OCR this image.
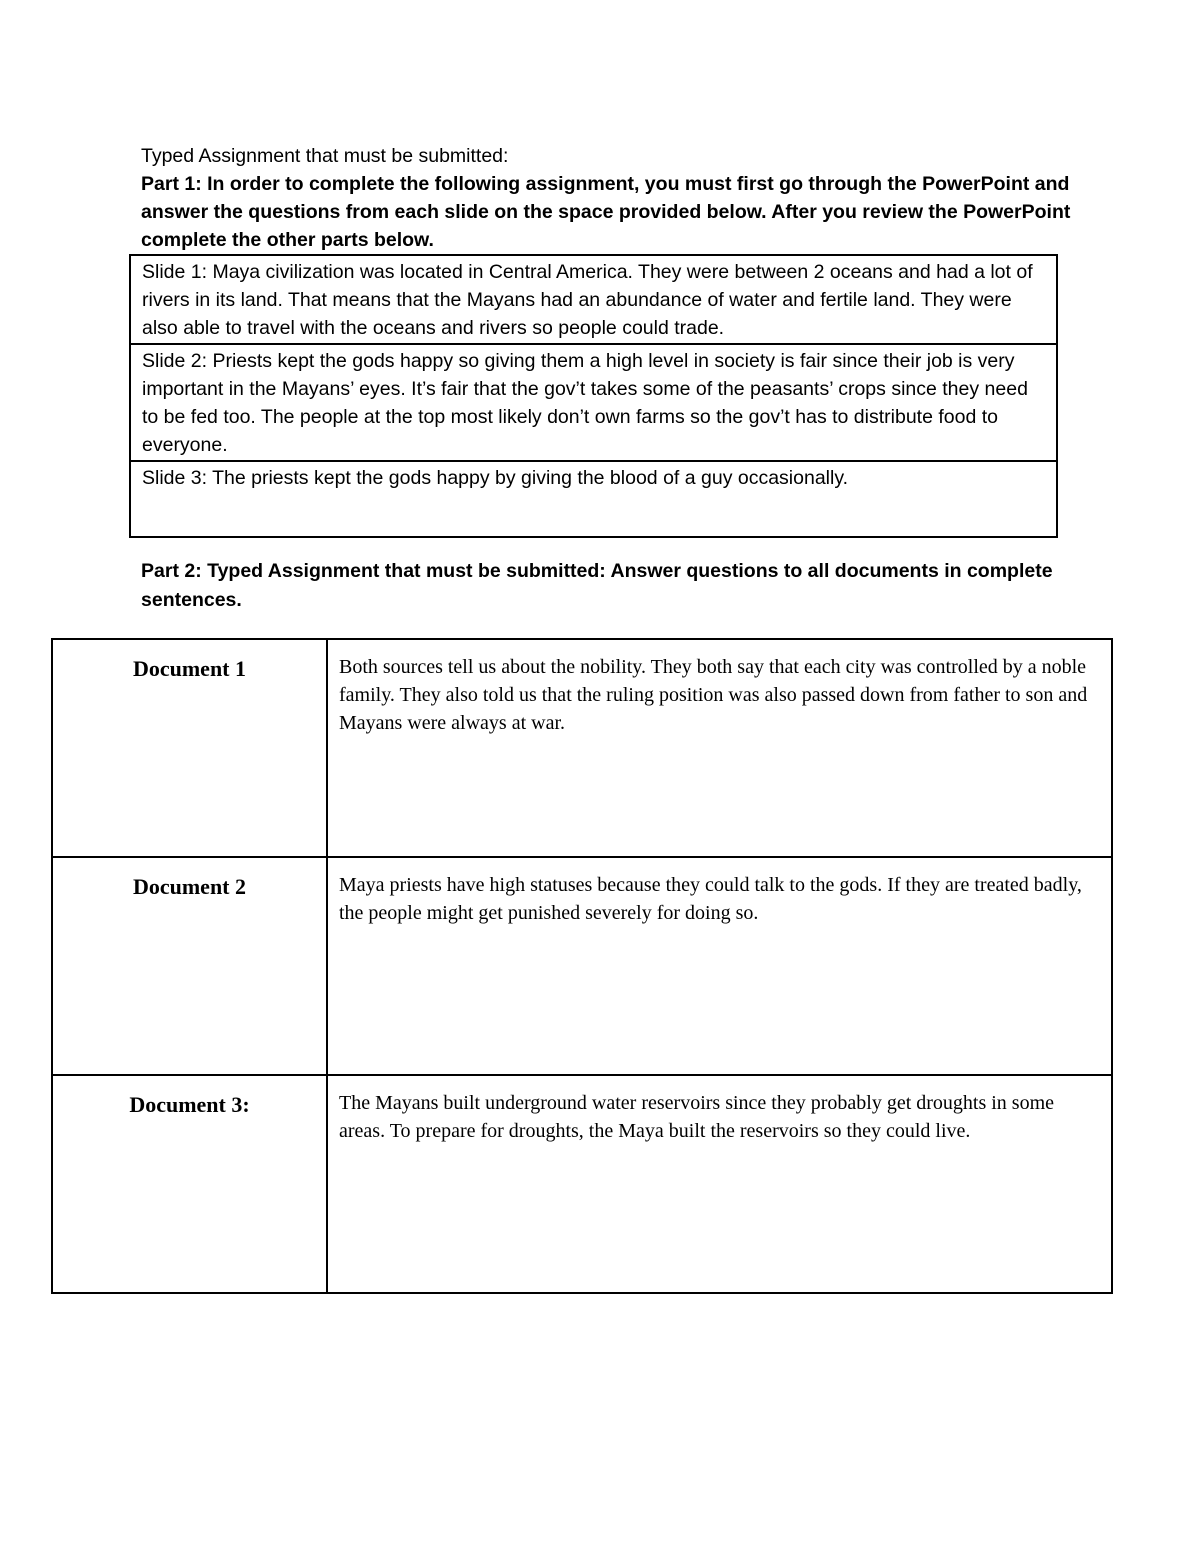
Typed Assignment that must be submitted:
Part 1: In order to complete the following assignment, you must first go through the PowerPoint and answer the questions from each slide on the space provided below. After you review the PowerPoint complete the other parts below.
Slide 1: Maya civilization was located in Central America. They were between 2 oceans and had a lot of rivers in its land. That means that the Mayans had an abundance of water and fertile land. They were also able to travel with the oceans and rivers so people could trade.
Slide 2: Priests kept the gods happy so giving them a high level in society is fair since their job is very important in the Mayans’ eyes. It’s fair that the gov’t takes some of the peasants’ crops since they need to be fed too. The people at the top most likely don’t own farms so the gov’t has to distribute food to everyone.
Slide 3: The priests kept the gods happy by giving the blood of a guy occasionally.
Part 2: Typed Assignment that must be submitted: Answer questions to all documents in complete sentences.
Document 1	Both sources tell us about the nobility. They both say that each city was controlled by a noble family. They also told us that the ruling position was also passed down from father to son and Mayans were always at war.
Document 2	Maya priests have high statuses because they could talk to the gods. If they are treated badly, the people might get punished severely for doing so.
Document 3:	The Mayans built underground water reservoirs since they probably get droughts in some areas. To prepare for droughts, the Maya built the reservoirs so they could live.
